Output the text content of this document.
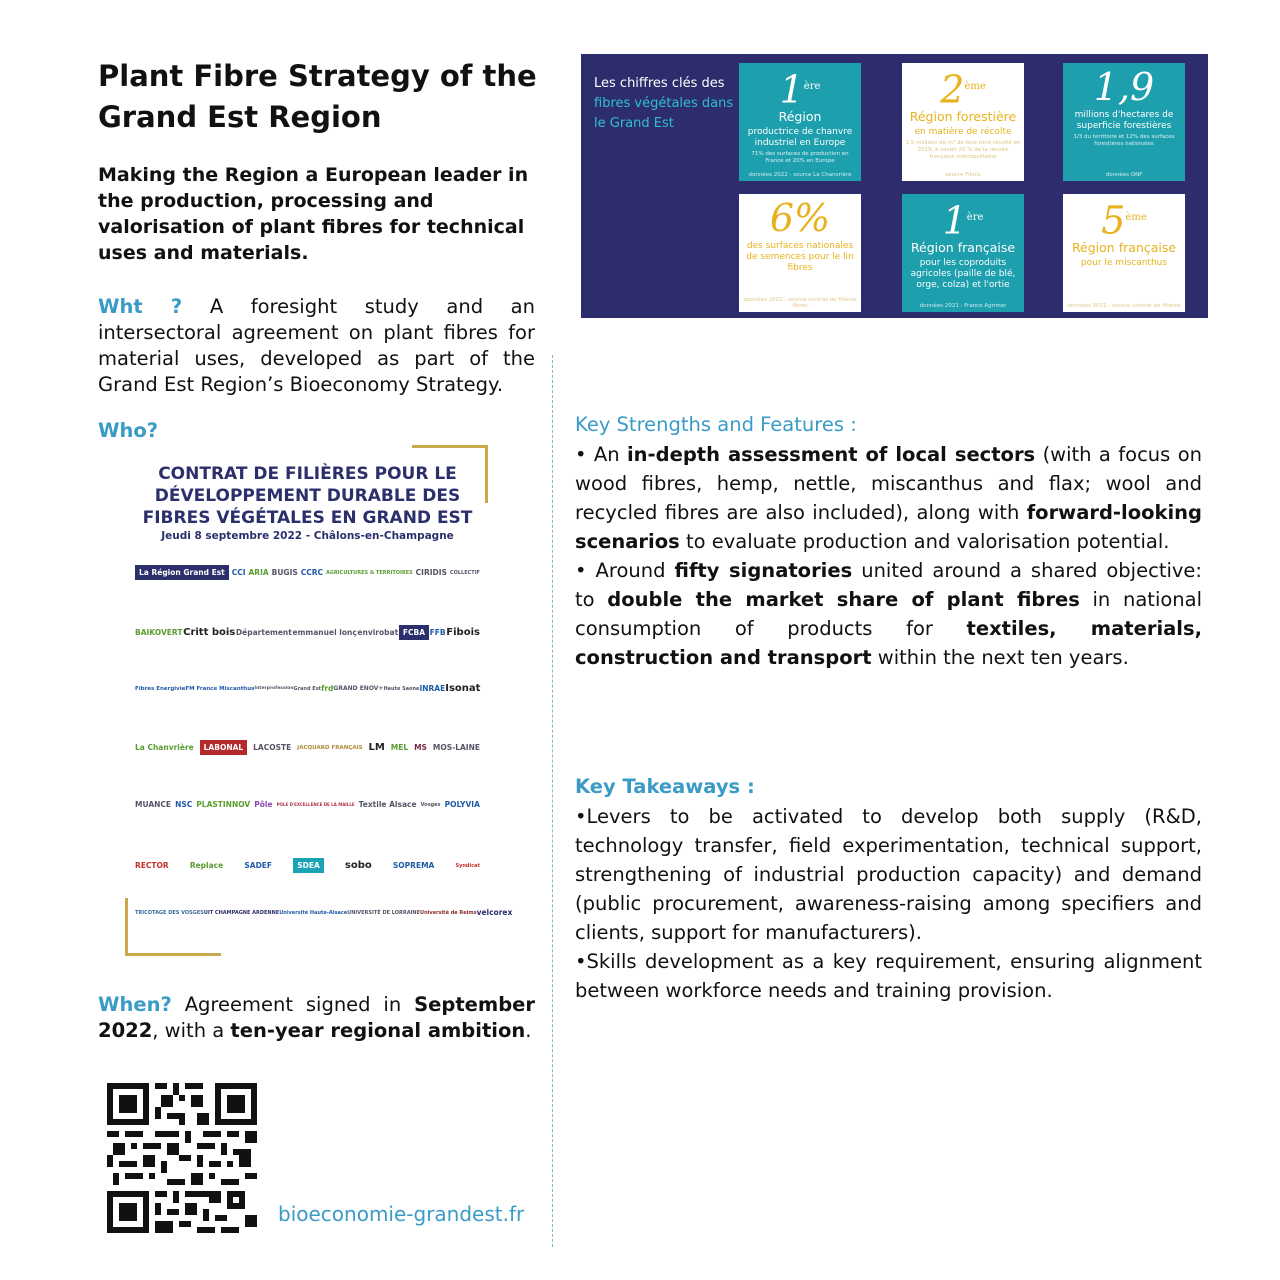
Plant Fibre Strategy of the Grand Est Region

Making the Region a European leader in the production, processing and valorisation of plant fibres for technical uses and materials.

Wht ? A foresight study and an intersectoral agreement on plant fibres for material uses, developed as part of the Grand Est Region’s Bioeconomy Strategy.
Who?

CONTRAT DE FILIÈRES POUR LE DÉVELOPPEMENT DURABLE DES FIBRES VÉGÉTALES EN GRAND EST

Jeudi 8 septembre 2022 - Châlons-en-Champagne
La Région Grand Est CCI ARIA BUGIS CCRC AGRICULTURES & TERRITOIRES CIRIDIS COLLECTIF
BAIKOVERT Critt bois Département emmanuel lonç envirobat FCBA FFB Fibois
Fibres Energivie FM France Miscanthus Interprofession Grand Est frd GRAND ENOV+ Haute Saone INRAE Isonat
La Chanvrière	LABONAL	LACOSTE JACQUARD FRANÇAIS LM MEL MS MOS-LAINE
MUANCE NSC PLASTINNOV Pôle POLE D'EXCELLENCE DE LA MAILLE Textile Alsace Vosges POLYVIA
RECTOR	Replace	SADEF	SDEA	sobo	SOPREMA	Syndicat
TRICOTAGE DES VOSGES UIT CHAMPAGNE ARDENNE Université Haute-Alsace UNIVERSITÉ DE LORRAINE Université de Reims velcorex
When? Agreement signed in September 2022, with a ten-year regional ambition.
bioeconomie-grandest.fr
Les chiffres clés des
fibres végétales dans le Grand Est
1ère
Région
productrice de chanvre industriel en Europe
71% des surfaces de production en France et 20% en Europe
données 2022 - source La Chanvrière
2ème
Région forestière
en matière de récolte
1,5 millions de m³ de bois rond récolté en 2019, à savoir 20 % de la récolte française métropolitaine
source Fibois
1,9
millions d'hectares de superficie forestières
1/3 du territoire et 12% des surfaces forestières nationales
données ONF
6%
des surfaces nationales de semences pour le lin fibres
données 2022 - source contrat de filières fibres
1ère
Région française
pour les coproduits agricoles (paille de blé, orge, colza) et l'ortie
données 2021 - France Agrimer
5ème
Région française
pour le miscanthus
données 2022 - source contrat de filières
Key Strengths and Features :

• An in-depth assessment of local sectors (with a focus on wood fibres, hemp, nettle, miscanthus and flax; wool and recycled fibres are also included), along with forward-looking scenarios to evaluate production and valorisation potential.

• Around fifty signatories united around a shared objective: to double the market share of plant fibres in national consumption of products for textiles, materials, construction and transport within the next ten years.

Key Takeaways :

•Levers to be activated to develop both supply (R&D, technology transfer, field experimentation, technical support, strengthening of industrial production capacity) and demand (public procurement, awareness-raising among specifiers and clients, support for manufacturers).

•Skills development as a key requirement, ensuring alignment between workforce needs and training provision.
